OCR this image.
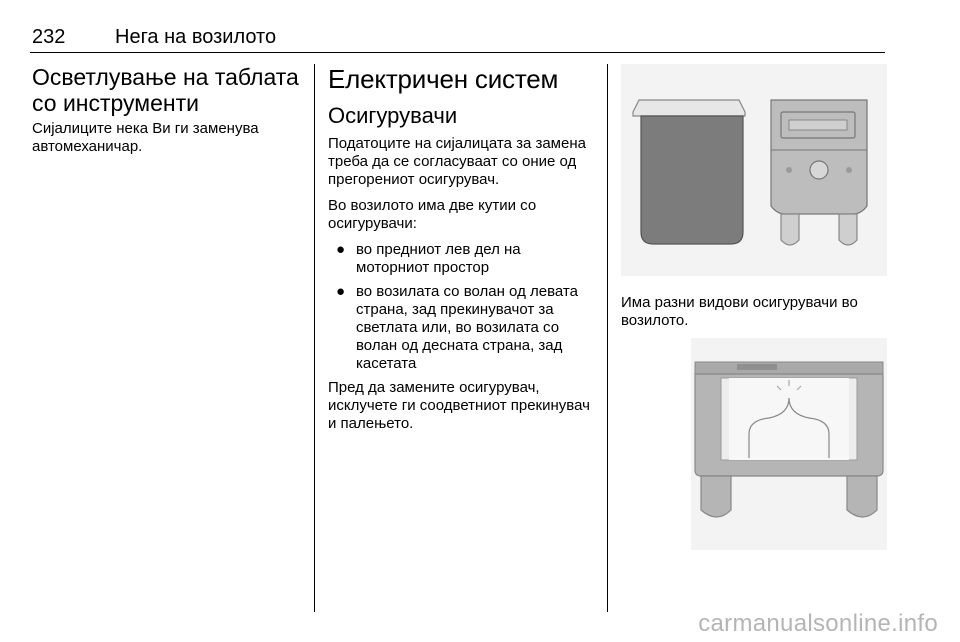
232 Нега на возилото
Осветлување на таблата со инструменти

Сијалиците нека Ви ги заменува автомеханичар.

Електричен систем
Осигурувачи

Податоците на сијалицата за замена треба да се согласуваат со ониe од прегорениот осигурувач.

Во возилото има две кутии со осигурувачи:

● во предниот лев дел на моторниот простор
● во возилата со волан од левата страна, зад прекинувачот за светлата или, во возилата со волан од десната страна, зад касетата

Пред да замените осигурувач, исклучете ги соодветниот прекинувач и палењето.

Има разни видови осигурувачи во возилото.

carmanualsonline.info
